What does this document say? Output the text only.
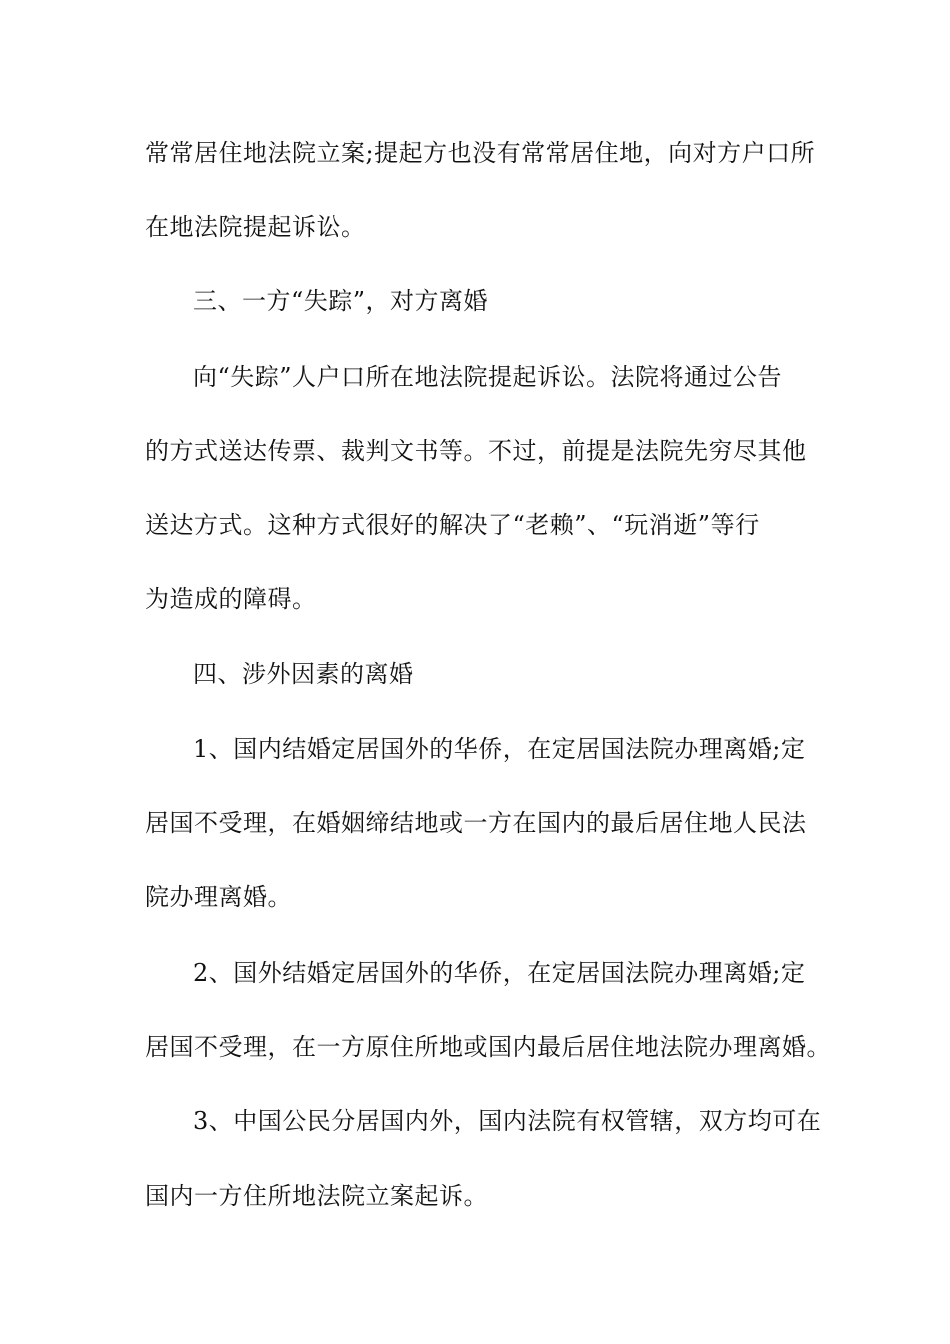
常常居住地法院立案;提起方也没有常常居住地，向对方户口所
在地法院提起诉讼。
三、一方“失踪”，对方离婚
向“失踪”人户口所在地法院提起诉讼。法院将通过公告
的方式送达传票、裁判文书等。不过，前提是法院先穷尽其他
送达方式。这种方式很好的解决了“老赖”、“玩消逝”等行
为造成的障碍。
四、涉外因素的离婚
1、国内结婚定居国外的华侨，在定居国法院办理离婚;定
居国不受理，在婚姻缔结地或一方在国内的最后居住地人民法
院办理离婚。
2、国外结婚定居国外的华侨，在定居国法院办理离婚;定
居国不受理，在一方原住所地或国内最后居住地法院办理离婚。
3、中国公民分居国内外，国内法院有权管辖，双方均可在
国内一方住所地法院立案起诉。
